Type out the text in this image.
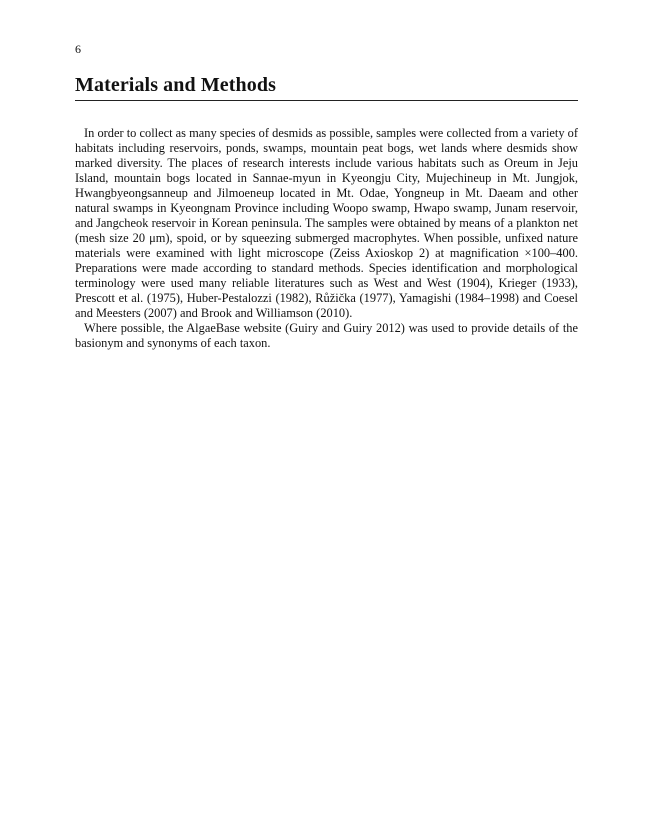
6
Materials and Methods

In order to collect as many species of desmids as possible, samples were collected from a variety of habitats including reservoirs, ponds, swamps, mountain peat bogs, wet lands where desmids show marked diversity. The places of research interests include various habitats such as Oreum in Jeju Island, mountain bogs located in Sannae-myun in Kyeongju City, Mujechineup in Mt. Jungjok, Hwangbyeongsanneup and Jilmoeneup located in Mt. Odae, Yongneup in Mt. Daeam and other natural swamps in Kyeongnam Province including Woopo swamp, Hwapo swamp, Junam reservoir, and Jangcheok reservoir in Korean peninsula. The samples were obtained by means of a plankton net (mesh size 20 μm), spoid, or by squeezing submerged macrophytes. When possible, unfixed nature materials were examined with light microscope (Zeiss Axioskop 2) at magnification ×100–400. Preparations were made according to standard methods. Species identification and morphological terminology were used many reliable literatures such as West and West (1904), Krieger (1933), Prescott et al. (1975), Huber-Pestalozzi (1982), Růžička (1977), Yamagishi (1984–1998) and Coesel and Meesters (2007) and Brook and Williamson (2010).

Where possible, the AlgaeBase website (Guiry and Guiry 2012) was used to provide details of the basionym and synonyms of each taxon.
